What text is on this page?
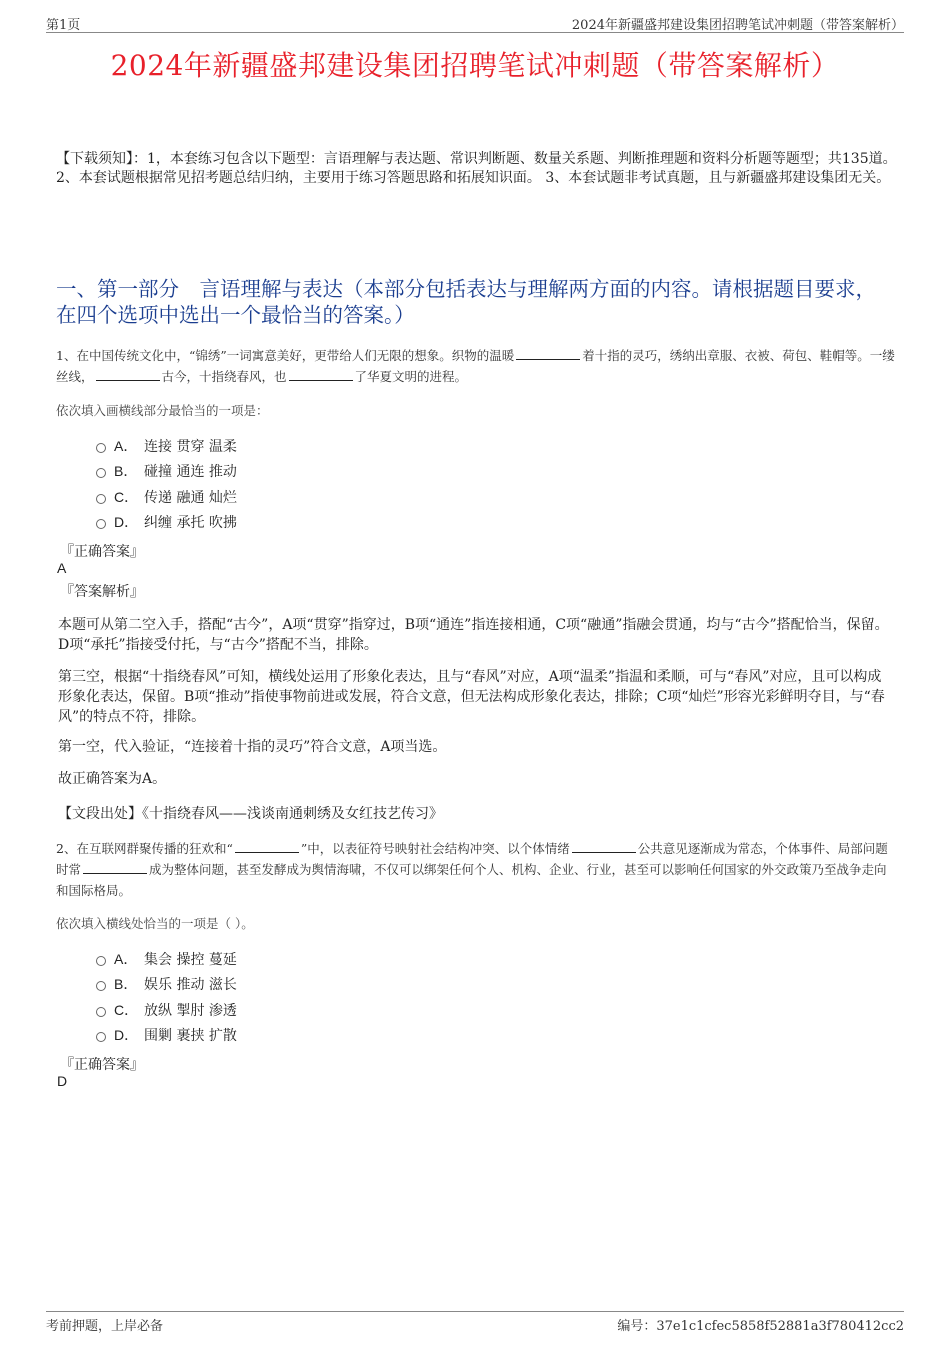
第1页	2024年新疆盛邦建设集团招聘笔试冲刺题（带答案解析）
2024年新疆盛邦建设集团招聘笔试冲刺题（带答案解析）
【下载须知】：1，本套练习包含以下题型：言语理解与表达题、常识判断题、数量关系题、判断推理题和资料分析题等题型；共135道。 2、本套试题根据常见招考题总结归纳，主要用于练习答题思路和拓展知识面。 3、本套试题非考试真题，且与新疆盛邦建设集团无关。
一、第一部分　言语理解与表达（本部分包括表达与理解两方面的内容。请根据题目要求，在四个选项中选出一个最恰当的答案。）
1、在中国传统文化中，“锦绣”一词寓意美好，更带给人们无限的想象。织物的温暖	着十指的灵巧，绣纳出章服、衣被、荷包、鞋帽等。一缕丝线，	古今，十指绕春风，也	了华夏文明的进程。
依次填入画横线部分最恰当的一项是：
A． 连接 贯穿 温柔
B． 碰撞 通连 推动
C． 传递 融通 灿烂
D． 纠缠 承托 吹拂
『正确答案』
A
『答案解析』
本题可从第二空入手，搭配“古今”，A项“贯穿”指穿过，B项“通连”指连接相通，C项“融通”指融会贯通，均与“古今”搭配恰当，保留。D项“承托”指接受付托，与“古今”搭配不当，排除。
第三空，根据“十指绕春风”可知，横线处运用了形象化表达，且与“春风”对应，A项“温柔”指温和柔顺，可与“春风”对应，且可以构成形象化表达，保留。B项“推动”指使事物前进或发展，符合文意，但无法构成形象化表达，排除；C项“灿烂”形容光彩鲜明夺目，与“春风”的特点不符，排除。
第一空，代入验证，“连接着十指的灵巧”符合文意，A项当选。
故正确答案为A。
【文段出处】《十指绕春风——浅谈南通刺绣及女红技艺传习》
2、在互联网群聚传播的狂欢和“	”中，以表征符号映射社会结构冲突、以个体情绪	公共意见逐渐成为常态，个体事件、局部问题时常	成为整体问题，甚至发酵成为舆情海啸，不仅可以绑架任何个人、机构、企业、行业，甚至可以影响任何国家的外交政策乃至战争走向和国际格局。
依次填入横线处恰当的一项是（ ）。
A． 集会 操控 蔓延
B． 娱乐 推动 滋长
C． 放纵 掣肘 渗透
D． 围剿 裹挟 扩散
『正确答案』
D
考前押题，上岸必备	编号：37e1c1cfec5858f52881a3f780412cc2
